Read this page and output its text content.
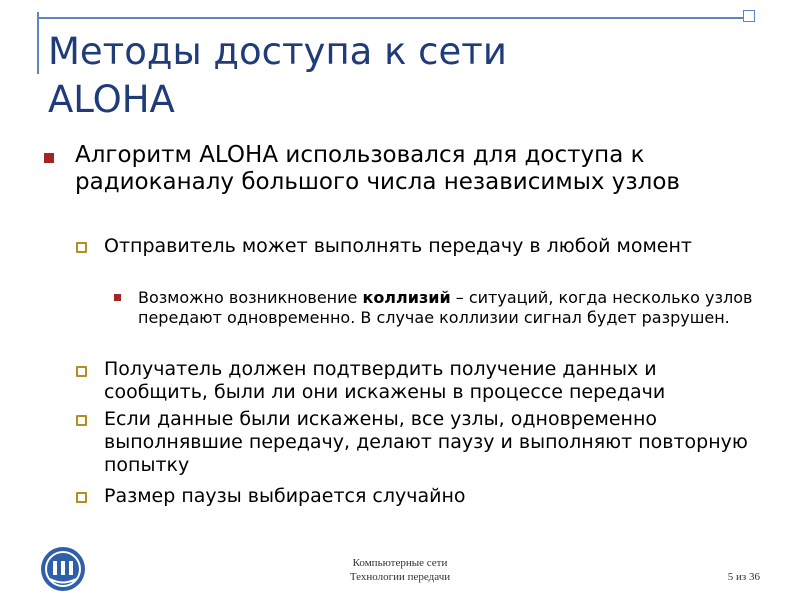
Методы доступа к сети
ALOHA
Алгоритм ALOHA использовался для доступа к радиоканалу большого числа независимых узлов
Отправитель может выполнять передачу в любой момент
Возможно возникновение коллизий – ситуаций, когда несколько узлов передают одновременно. В случае коллизии сигнал будет разрушен.
Получатель должен подтвердить получение данных и сообщить, были ли они искажены в процессе передачи
Если данные были искажены, все узлы, одновременно выполнявшие передачу, делают паузу и выполняют повторную попытку
Размер паузы выбирается случайно
Компьютерные сети
Технологии передачи	5 из 36
